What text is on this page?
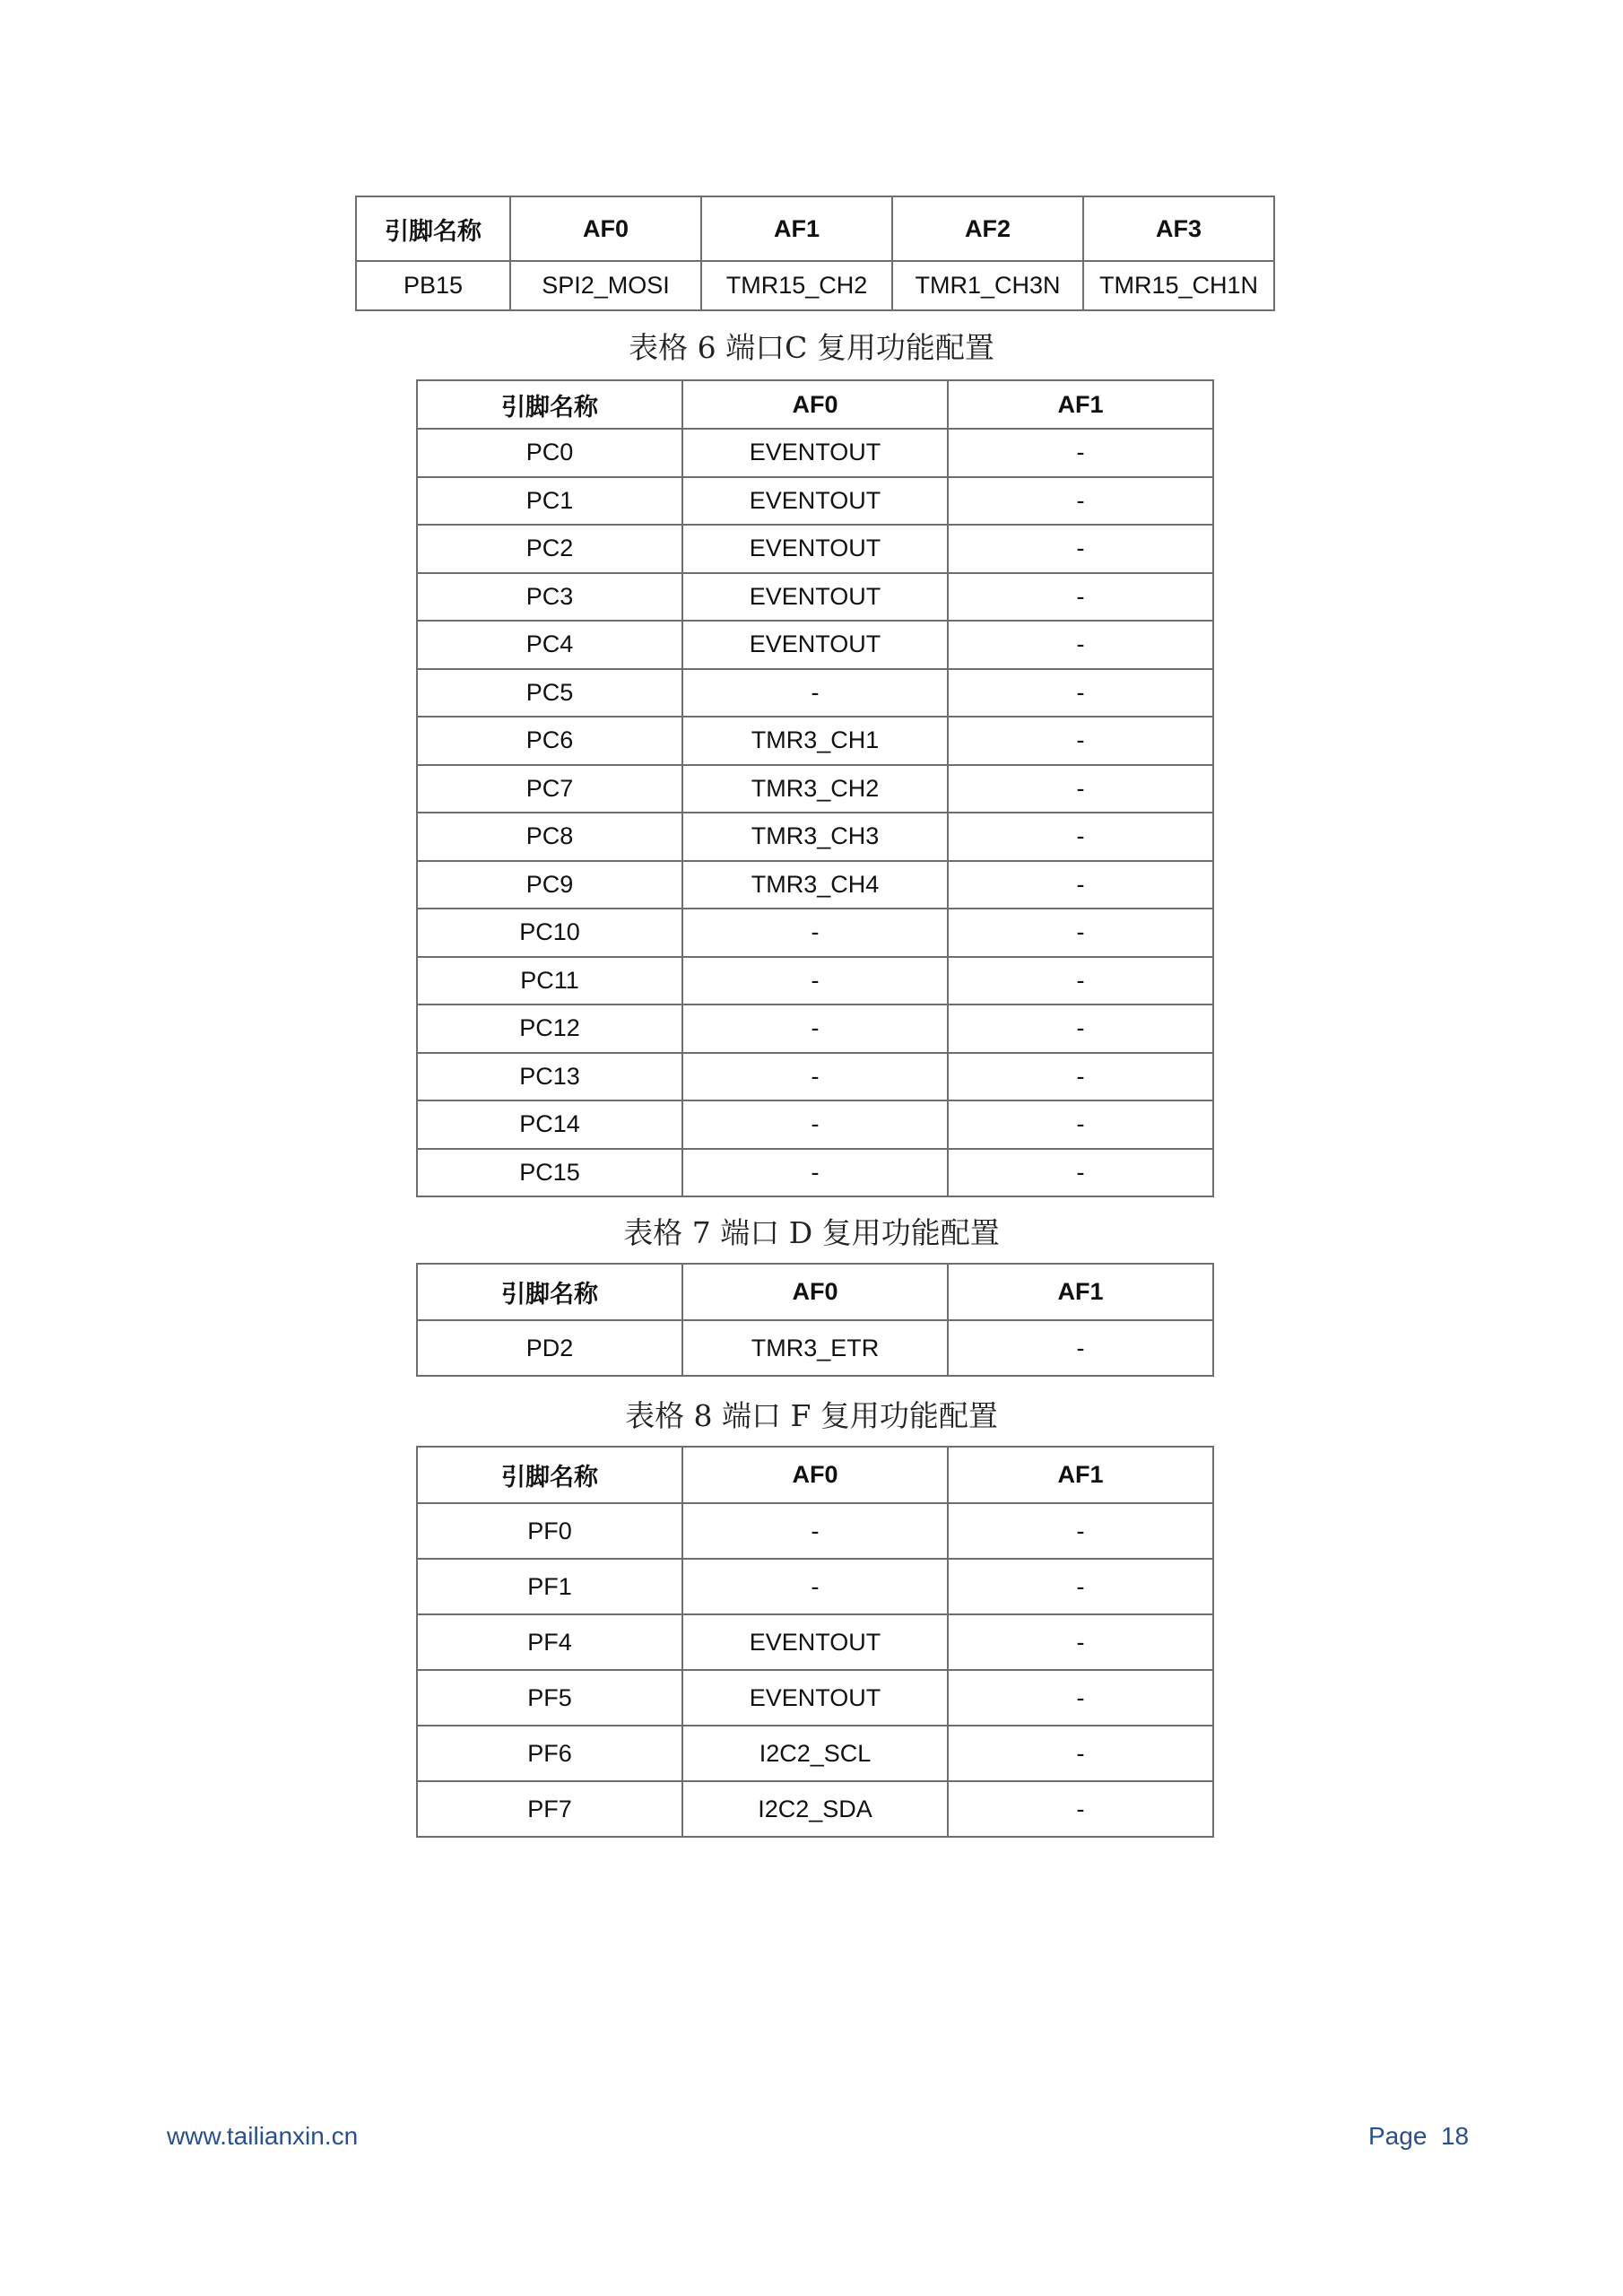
引脚名称	AF0	AF1	AF2	AF3
PB15	SPI2_MOSI	TMR15_CH2	TMR1_CH3N	TMR15_CH1N
表格 6 端口C 复用功能配置
引脚名称	AF0	AF1
PC0	EVENTOUT	-
PC1	EVENTOUT	-
PC2	EVENTOUT	-
PC3	EVENTOUT	-
PC4	EVENTOUT	-
PC5	-	-
PC6	TMR3_CH1	-
PC7	TMR3_CH2	-
PC8	TMR3_CH3	-
PC9	TMR3_CH4	-
PC10	-	-
PC11	-	-
PC12	-	-
PC13	-	-
PC14	-	-
PC15	-	-
表格 7 端口 D 复用功能配置
引脚名称	AF0	AF1
PD2	TMR3_ETR	-
表格 8 端口 F 复用功能配置
引脚名称	AF0	AF1
PF0	-	-
PF1	-	-
PF4	EVENTOUT	-
PF5	EVENTOUT	-
PF6	I2C2_SCL	-
PF7	I2C2_SDA	-
www.tailianxin.cn	Page 18
